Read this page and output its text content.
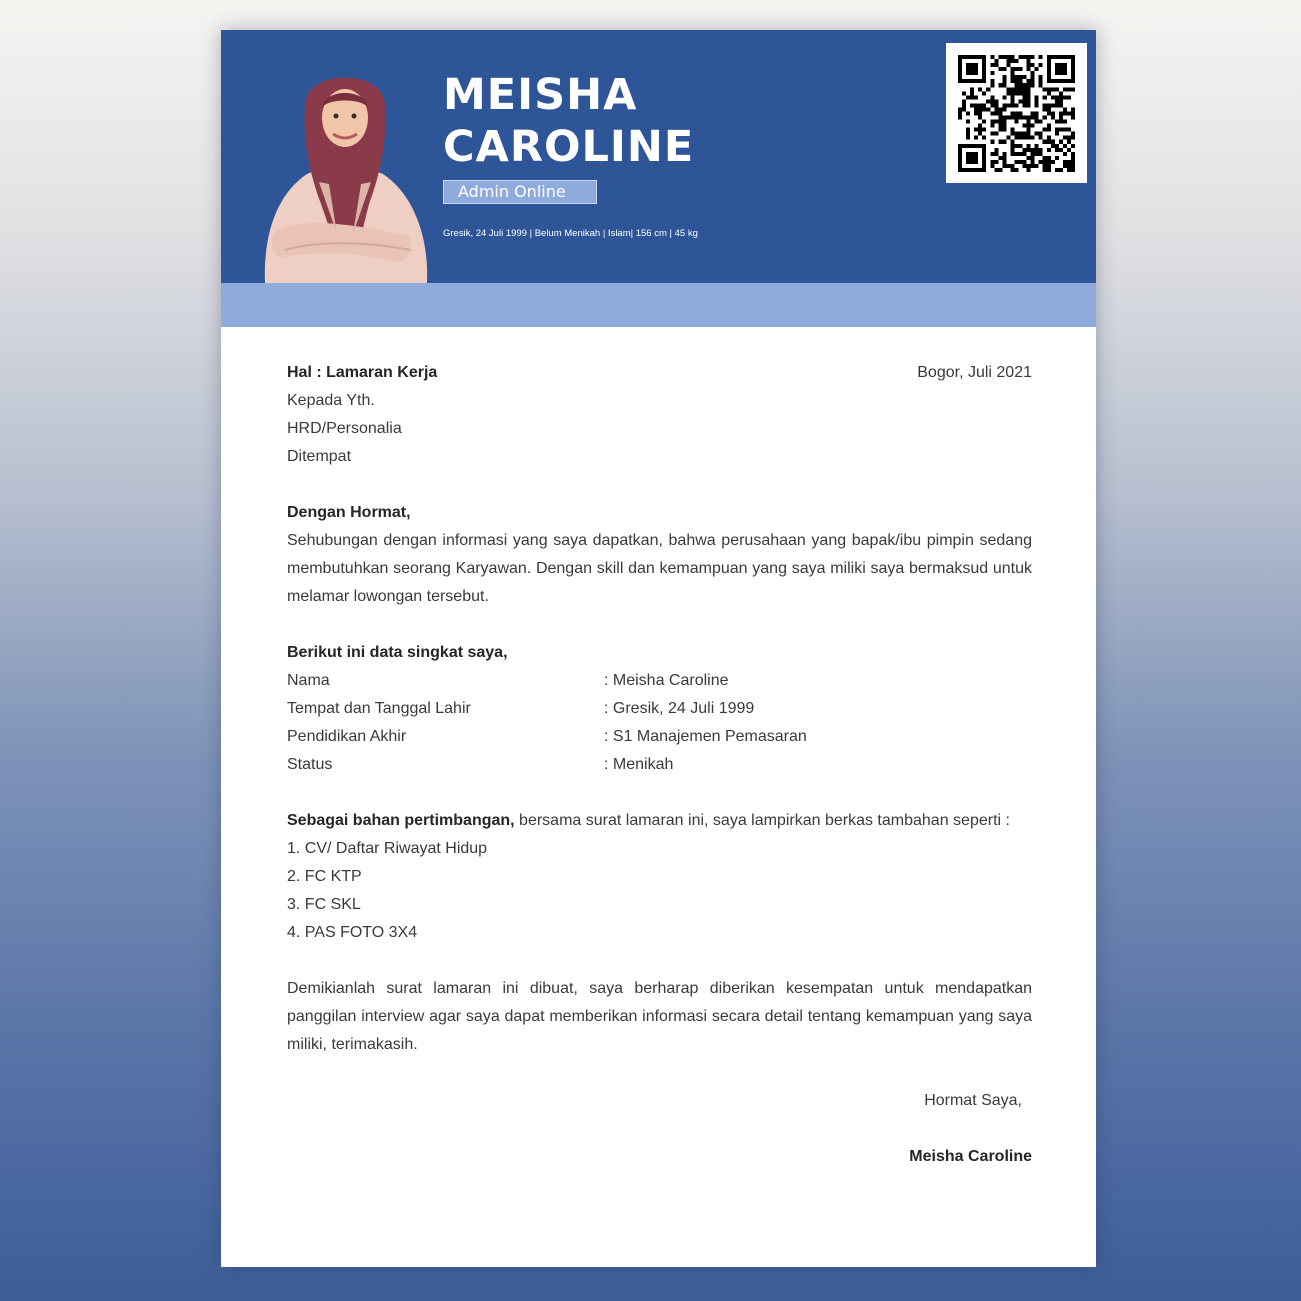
MEISHA
CAROLINE
Admin Online
Gresik, 24 Juli 1999 | Belum Menikah | Islam| 156 cm | 45 kg
Hal : Lamaran Kerja	Bogor, Juli 2021
Kepada Yth.
HRD/Personalia
Ditempat
Dengan Hormat,
Sehubungan dengan informasi yang saya dapatkan, bahwa perusahaan yang bapak/ibu pimpin sedang membutuhkan seorang Karyawan. Dengan skill dan kemampuan yang saya miliki saya bermaksud untuk melamar lowongan tersebut.
Berikut ini data singkat saya,
Nama	: Meisha Caroline
Tempat dan Tanggal Lahir	: Gresik, 24 Juli 1999
Pendidikan Akhir	: S1 Manajemen Pemasaran
Status	: Menikah
Sebagai bahan pertimbangan, bersama surat lamaran ini, saya lampirkan berkas tambahan seperti :
1. CV/ Daftar Riwayat Hidup
2. FC KTP
3. FC SKL
4. PAS FOTO 3X4
Demikianlah surat lamaran ini dibuat, saya berharap diberikan kesempatan untuk mendapatkan panggilan interview agar saya dapat memberikan informasi secara detail tentang kemampuan yang saya miliki, terimakasih.
Hormat Saya,
Meisha Caroline
